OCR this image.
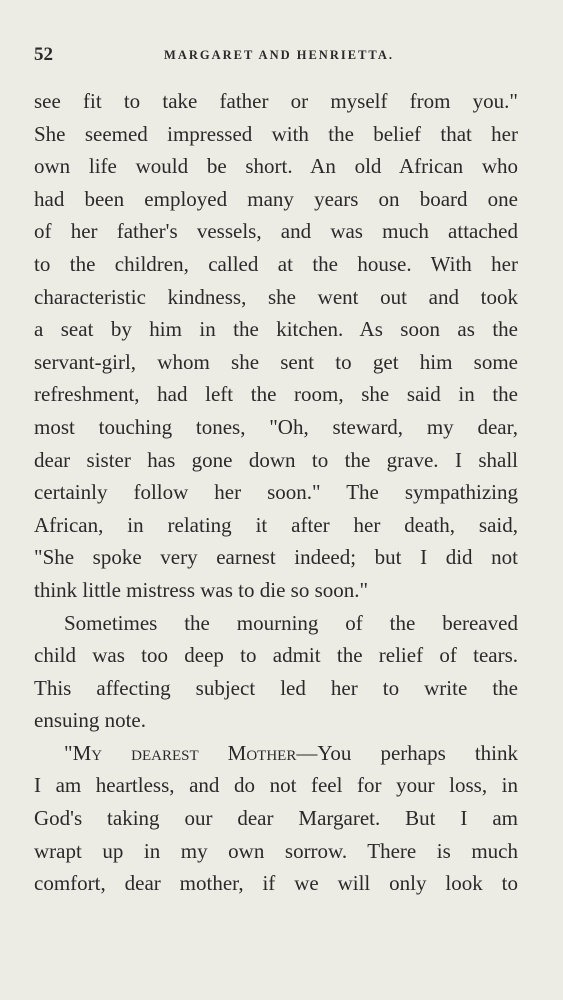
52	MARGARET AND HENRIETTA.
see fit to take father or myself from you."
She seemed impressed with the belief that her
own life would be short. An old African who
had been employed many years on board one
of her father's vessels, and was much attached
to the children, called at the house. With her
characteristic kindness, she went out and took
a seat by him in the kitchen. As soon as the
servant-girl, whom she sent to get him some
refreshment, had left the room, she said in the
most touching tones, "Oh, steward, my dear,
dear sister has gone down to the grave. I shall
certainly follow her soon." The sympathizing
African, in relating it after her death, said,
"She spoke very earnest indeed; but I did not
think little mistress was to die so soon."
Sometimes the mourning of the bereaved
child was too deep to admit the relief of tears.
This affecting subject led her to write the
ensuing note.
"My dearest Mother—You perhaps think
I am heartless, and do not feel for your loss, in
God's taking our dear Margaret. But I am
wrapt up in my own sorrow. There is much
comfort, dear mother, if we will only look to
